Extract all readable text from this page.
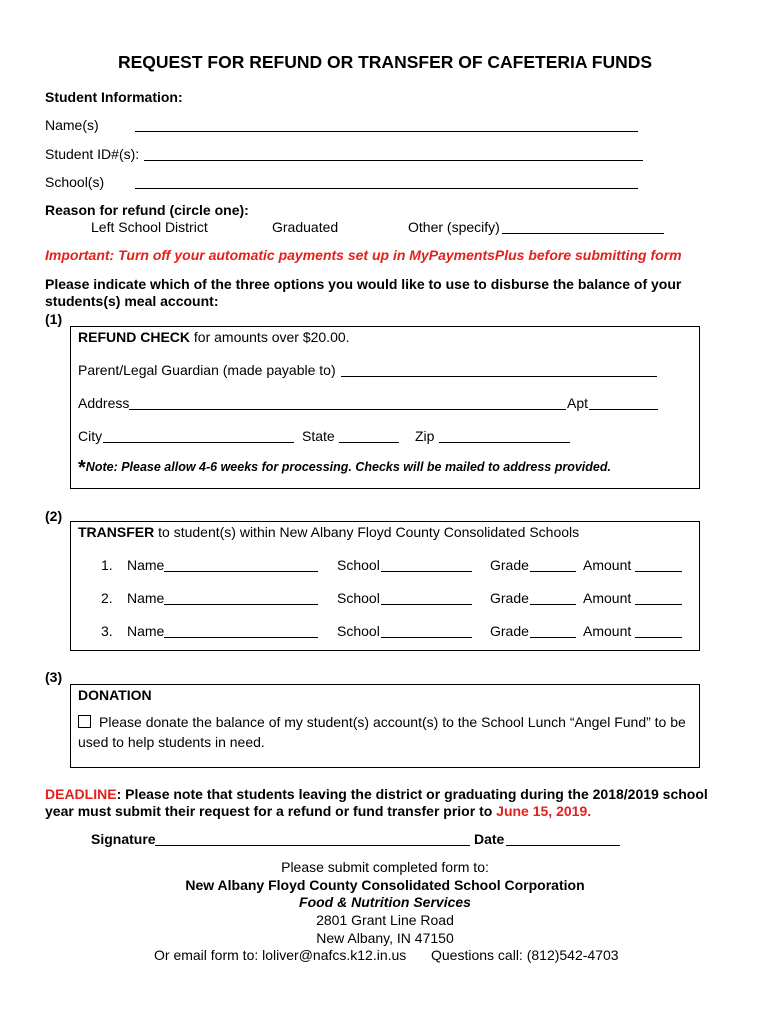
REQUEST FOR REFUND OR TRANSFER OF CAFETERIA FUNDS
Student Information:
Name(s)
Student ID#(s):
School(s)
Reason for refund (circle one):
Left School District	Graduated	Other (specify)
Important: Turn off your automatic payments set up in MyPaymentsPlus before submitting form
Please indicate which of the three options you would like to use to disburse the balance of your students(s) meal account:
(1)
REFUND CHECK for amounts over $20.00.
Parent/Legal Guardian (made payable to)
Address	Apt
City	State	Zip
*Note: Please allow 4-6 weeks for processing. Checks will be mailed to address provided.
(2)
TRANSFER to student(s) within New Albany Floyd County Consolidated Schools
1. Name	School	Grade	Amount
2. Name	School	Grade	Amount
3. Name	School	Grade	Amount
(3)
DONATION
Please donate the balance of my student(s) account(s) to the School Lunch “Angel Fund” to be
used to help students in need.
DEADLINE: Please note that students leaving the district or graduating during the 2018/2019 school
year must submit their request for a refund or fund transfer prior to June 15, 2019.
Signature	Date
Please submit completed form to:
New Albany Floyd County Consolidated School Corporation
Food & Nutrition Services
2801 Grant Line Road
New Albany, IN 47150
Or email form to: loliver@nafcs.k12.in.us Questions call: (812)542-4703
